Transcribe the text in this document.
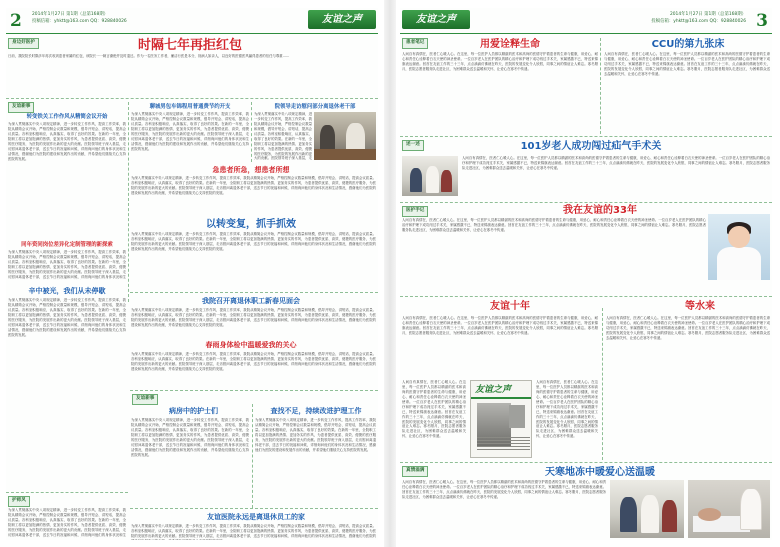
2 2014年1月27日 第1期（总第168期）
投稿信箱：yhktt@163.com QQ：928840026	友谊之声
身边好医护	时隔七年再拒红包
日前，我院院长时隔多年再次收到患者家属的红包，该院长一一婉言谢绝并及时退还。作为一名医务工作者，廉洁行医是本分，视病人如亲人，以良好的医德医风赢得患者的信任与尊重……
友谊新事
转变铁关工作作风从精简会议开始
聊城男包车锦程用普通费节约开支	院领导走访慰问部分离退休老干部
为深入贯彻落实中央八项规定精神，进一步转变工作作风，提高工作效率，我院从精简会议开始，严格控制会议数量和规模，倡导开短会、讲短话，提高会议质量。各科室积极响应，认真落实，取得了良好的效果。在新的一年里，全院职工将以更加饱满的热情、更加务实的作风，为患者提供优质、高效、便捷的医疗服务，为医院的发展作出新的更大的贡献。医院领导班子深入基层，走访慰问离退休老干部，送去节日的祝福和问候，详细询问他们的身体状况和生活情况，感谢他们为医院的建设和发展作出的贡献，并希望他们继续关心支持医院的发展。
为深入贯彻落实中央八项规定精神，进一步转变工作作风，提高工作效率，我院从精简会议开始，严格控制会议数量和规模，倡导开短会、讲短话，提高会议质量。各科室积极响应，认真落实，取得了良好的效果。在新的一年里，全院职工将以更加饱满的热情、更加务实的作风，为患者提供优质、高效、便捷的医疗服务，为医院的发展作出新的更大的贡献。医院领导班子深入基层，走访慰问离退休老干部，送去节日的祝福和问候，详细询问他们的身体状况和生活情况，感谢他们为医院的建设和发展作出的贡献，并希望他们继续关心支持医院的发展。
为深入贯彻落实中央八项规定精神，进一步转变工作作风，提高工作效率，我院从精简会议开始，严格控制会议数量和规模，倡导开短会、讲短话，提高会议质量。各科室积极响应，认真落实，取得了良好的效果。在新的一年里，全院职工将以更加饱满的热情、更加务实的作风，为患者提供优质、高效、便捷的医疗服务，为医院的发展作出新的更大的贡献。医院领导班子深入基层，走
急患者所急，想患者所想
为深入贯彻落实中央八项规定精神，进一步转变工作作风，提高工作效率，我院从精简会议开始，严格控制会议数量和规模，倡导开短会、讲短话，提高会议质量。各科室积极响应，认真落实，取得了良好的效果。在新的一年里，全院职工将以更加饱满的热情、更加务实的作风，为患者提供优质、高效、便捷的医疗服务，为医院的发展作出新的更大的贡献。医院领导班子深入基层，走访慰问离退休老干部，送去节日的祝福和问候，详细询问他们的身体状况和生活情况，感谢他们为医院的建设和发展作出的贡献，并希望他们继续关心支持医院的发展。
同年资同岗位差异化定制管理的新探索
为深入贯彻落实中央八项规定精神，进一步转变工作作风，提高工作效率，我院从精简会议开始，严格控制会议数量和规模，倡导开短会、讲短话，提高会议质量。各科室积极响应，认真落实，取得了良好的效果。在新的一年里，全院职工将以更加饱满的热情、更加务实的作风，为患者提供优质、高效、便捷的医疗服务，为医院的发展作出新的更大的贡献。医院领导班子深入基层，走访慰问离退休老干部，送去节日的祝福和问候，详细询问他们的身体状况和生
以转变复，抓手抓效
为深入贯彻落实中央八项规定精神，进一步转变工作作风，提高工作效率，我院从精简会议开始，严格控制会议数量和规模，倡导开短会、讲短话，提高会议质量。各科室积极响应，认真落实，取得了良好的效果。在新的一年里，全院职工将以更加饱满的热情、更加务实的作风，为患者提供优质、高效、便捷的医疗服务，为医院的发展作出新的更大的贡献。医院领导班子深入基层，走访慰问离退休老干部，送去节日的祝福和问候，详细询问他们的身体状况和生活情况，感谢他们为医院的建设和发展作出的贡献，并希望他们继续关心支持医院的发展。
辛中被光，我们从未停歇
为深入贯彻落实中央八项规定精神，进一步转变工作作风，提高工作效率，我院从精简会议开始，严格控制会议数量和规模，倡导开短会、讲短话，提高会议质量。各科室积极响应，认真落实，取得了良好的效果。在新的一年里，全院职工将以更加饱满的热情、更加务实的作风，为患者提供优质、高效、便捷的医疗服务，为医院的发展作出新的更大的贡献。医院领导班子深入基层，走访慰问离退休老干部，送去节日的祝福和问候，详细询问他们的身体状况和生活情况，感谢他们为医院的建设和发展作出的贡献，并希望他们继续关心支持医院的发展。
我院召开离退休职工新春见面会
为深入贯彻落实中央八项规定精神，进一步转变工作作风，提高工作效率，我院从精简会议开始，严格控制会议数量和规模，倡导开短会、讲短话，提高会议质量。各科室积极响应，认真落实，取得了良好的效果。在新的一年里，全院职工将以更加饱满的热情、更加务实的作风，为患者提供优质、高效、便捷的医疗服务，为医院的发展作出新的更大的贡献。医院领导班子深入基层，走访慰问离退休老干部，送去节日的祝福和问候，详细询问他们的身体状况和生活情况，感谢他们为医院的建设和发展作出的贡献，并希望他们继续关心支持医院的发展。
春雨身体检中温暖爱我的关心
为深入贯彻落实中央八项规定精神，进一步转变工作作风，提高工作效率，我院从精简会议开始，严格控制会议数量和规模，倡导开短会、讲短话，提高会议质量。各科室积极响应，认真落实，取得了良好的效果。在新的一年里，全院职工将以更加饱满的热情、更加务实的作风，为患者提供优质、高效、便捷的医疗服务，为医院的发展作出新的更大的贡献。医院领导班子深入基层，走访慰问离退休老干部，送去节日的祝福和问候，详细询问他们的身体状况和生活情况，感谢他们为医院的建设和发展作出的贡献，并希望他们继续关心支持医院的发展。
友谊新事
病房中的护士们	查找不足，持续改进护理工作
为深入贯彻落实中央八项规定精神，进一步转变工作作风，提高工作效率，我院从精简会议开始，严格控制会议数量和规模，倡导开短会、讲短话，提高会议质量。各科室积极响应，认真落实，取得了良好的效果。在新的一年里，全院职工将以更加饱满的热情、更加务实的作风，为患者提供优质、高效、便捷的医疗服务，为医院的发展作出新的更大的贡献。医院领导班子深入基层，走访慰问离退休老干部，送去节日的祝福和问候，详细询问他们的身体状况和生活情况，感谢他们为医院的建设和发展作出的贡献，并希望他们继续关心支持医院的发展。
为深入贯彻落实中央八项规定精神，进一步转变工作作风，提高工作效率，我院从精简会议开始，严格控制会议数量和规模，倡导开短会、讲短话，提高会议质量。各科室积极响应，认真落实，取得了良好的效果。在新的一年里，全院职工将以更加饱满的热情、更加务实的作风，为患者提供优质、高效、便捷的医疗服务，为医院的发展作出新的更大的贡献。医院领导班子深入基层，走访慰问离退休老干部，送去节日的祝福和问候，详细询问他们的身体状况和生活情况，感谢他们为医院的建设和发展作出的贡献，并希望他们继续关心支持医院的发展。
护师风
为深入贯彻落实中央八项规定精神，进一步转变工作作风，提高工作效率，我院从精简会议开始，严格控制会议数量和规模，倡导开短会、讲短话，提高会议质量。各科室积极响应，认真落实，取得了良好的效果。在新的一年里，全院职工将以更加饱满的热情、更加务实的作风，为患者提供优质、高效、便捷的医疗服务，为医院的发展作出新的更大的贡献。医院领导班子深入基层，走访慰问离退休老干部，送去节日的祝福和问候，详细询问他们的身体状况和生
友谊医院永远是离退休员工的家
为深入贯彻落实中央八项规定精神，进一步转变工作作风，提高工作效率，我院从精简会议开始，严格控制会议数量和规模，倡导开短会、讲短话，提高会议质量。各科室积极响应，认真落实，取得了良好的效果。在新的一年里，全院职工将以更加饱满的热情、更加务实的作风，为患者提供优质、高效、便捷的医疗服务，为医院的发展作出新的更大的贡献。医院领导班子深入基层，走访慰问离退休老干部，送去节日的祝福和问候，详细询问他们的身体状况和生活情况，感谢他们为医院的
友谊之声	2014年1月27日 第1期（总第168期）
投稿信箱：yhktt@163.com QQ：928840026 3
患者笔记	用爱诠释生命
人间自有真情在，医者仁心暖人心。在这里，每一位医护人员都以精湛的医术和高尚的医德守护着患者的生命与健康，用爱心、耐心和责任心诠释着白衣天使的神圣使命。一位百岁老人在医护团队的精心治疗和护理下成功闯过手术关，家属感激不已，特送来锦旗表达谢意。回首在友谊工作的三十三年，点点滴滴仿佛就在昨天，医院的发展变化令人欣慰，同事之间的情谊让人难忘。寒冬腊月，医院志愿者服务队走进社区，为困难群众送去温暖和关怀，让爱心在寒冬中传递。
CCU的第九张床
人间自有真情在，医者仁心暖人心。在这里，每一位医护人员都以精湛的医术和高尚的医德守护着患者的生命与健康，用爱心、耐心和责任心诠释着白衣天使的神圣使命。一位百岁老人在医护团队的精心治疗和护理下成功闯过手术关，家属感激不已，特送来锦旗表达谢意。回首在友谊工作的三十三年，点点滴滴仿佛就在昨天，医院的发展变化令人欣慰，同事之间的情谊让人难忘。寒冬腊月，医院志愿者服务队走进社区，为困难群众送去温暖和关怀，让爱心在寒冬中传递。
述一述	101岁老人成功闯过疝气手术关
人间自有真情在，医者仁心暖人心。在这里，每一位医护人员都以精湛的医术和高尚的医德守护着患者的生命与健康，用爱心、耐心和责任心诠释着白衣天使的神圣使命。一位百岁老人在医护团队的精心治疗和护理下成功闯过手术关，家属感激不已，特送来锦旗表达谢意。回首在友谊工作的三十三年，点点滴滴仿佛就在昨天，医院的发展变化令人欣慰，同事之间的情谊让人难忘。寒冬腊月，医院志愿者服务队走进社区，为困难群众送去温暖和关怀，让爱心在寒冬中传递。
医护手记	我在友谊的33年
人间自有真情在，医者仁心暖人心。在这里，每一位医护人员都以精湛的医术和高尚的医德守护着患者的生命与健康，用爱心、耐心和责任心诠释着白衣天使的神圣使命。一位百岁老人在医护团队的精心治疗和护理下成功闯过手术关，家属感激不已，特送来锦旗表达谢意。回首在友谊工作的三十三年，点点滴滴仿佛就在昨天，医院的发展变化令人欣慰，同事之间的情谊让人难忘。寒冬腊月，医院志愿者服务队走进社区，为困难群众送去温暖和关怀，让爱心在寒冬中传递。
友谊十年	等水来
人间自有真情在，医者仁心暖人心。在这里，每一位医护人员都以精湛的医术和高尚的医德守护着患者的生命与健康，用爱心、耐心和责任心诠释着白衣天使的神圣使命。一位百岁老人在医护团队的精心治疗和护理下成功闯过手术关，家属感激不已，特送来锦旗表达谢意。回首在友谊工作的三十三年，点点滴滴仿佛就在昨天，医院的发展变化令人欣慰，同事之间的情谊让人难忘。寒冬腊月，医院志愿者服务队走进社区，为困难群众送去温暖和关怀，让爱心在寒冬中传递。
友谊之声
人间自有真情在，医者仁心暖人心。在这里，每一位医护人员都以精湛的医术和高尚的医德守护着患者的生命与健康，用爱心、耐心和责任心诠释着白衣天使的神圣使命。一位百岁老人在医护团队的精心治疗和护理下成功闯过手术关，家属感激不已，特送来锦旗表达谢意。回首在友谊工作的三十三年，点点滴滴仿佛就在昨天，医院的发展变化令人欣慰，同事之间的情谊让人难忘。寒冬腊月，医院志愿者服务队走进社区，为困难群众送去温暖和关怀，让爱心在寒冬中传递。
人间自有真情在，医者仁心暖人心。在这里，每一位医护人员都以精湛的医术和高尚的医德守护着患者的生命与健康，用爱心、耐心和责任心诠释着白衣天使的神圣使命。一位百岁老人在医护团队的精心治疗和护理下成功闯过手术关，家属感激不已，特送来锦旗表达谢意。回首在友谊工作的三十三年，点点滴滴仿佛就在昨天，医院的发展变化令人欣慰，同事之间的情谊让人难忘。寒冬腊月，医院志愿者服务队走进社区，为困难群众送去温暖和关怀，让爱心在寒冬中传递。
人间自有真情在，医者仁心暖人心。在这里，每一位医护人员都以精湛的医术和高尚的医德守护着患者的生命与健康，用爱心、耐心和责任心诠释着白衣天使的神圣使命。一位百岁老人在医护团队的精心治疗和护理下成功闯过手术关，家属感激不已，特送来锦旗表达谢意。回首在友谊工作的三十三年，点点滴滴仿佛就在昨天，医院的发展变化令人欣慰，同事之间的情谊让人难忘。寒冬腊月，医院志愿者服务队走进社区，为困难群众送去温暖和关怀，让爱心在寒冬中传递。
真情溢满	天寒地冻中暖爱心送温暖
人间自有真情在，医者仁心暖人心。在这里，每一位医护人员都以精湛的医术和高尚的医德守护着患者的生命与健康，用爱心、耐心和责任心诠释着白衣天使的神圣使命。一位百岁老人在医护团队的精心治疗和护理下成功闯过手术关，家属感激不已，特送来锦旗表达谢意。回首在友谊工作的三十三年，点点滴滴仿佛就在昨天，医院的发展变化令人欣慰，同事之间的情谊让人难忘。寒冬腊月，医院志愿者服务队走进社区，为困难群众送去温暖和关怀，让爱心在寒冬中传递。
